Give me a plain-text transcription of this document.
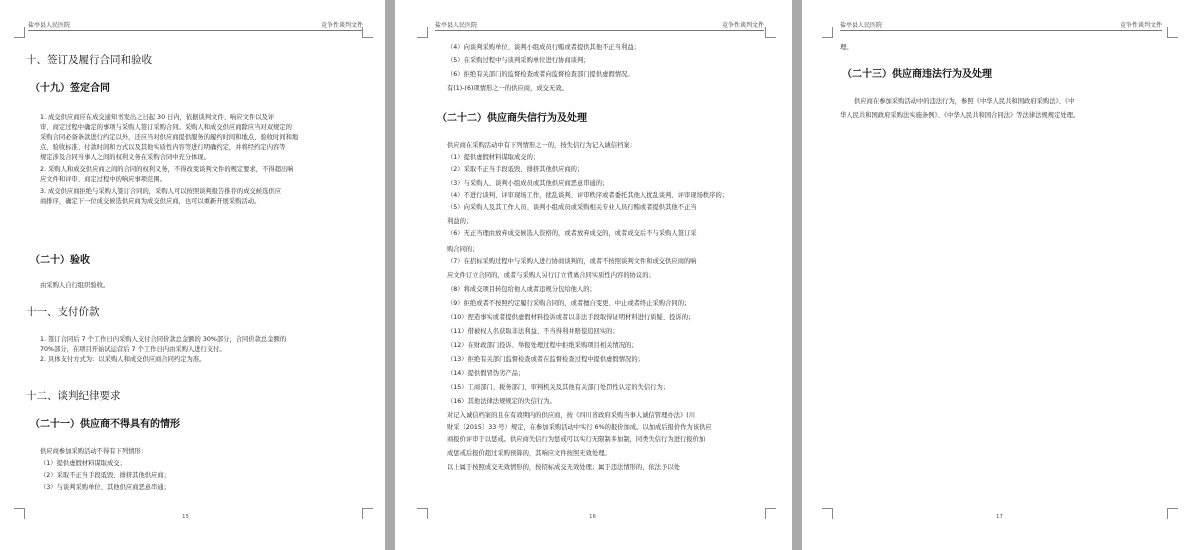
盐亭县人民医院	竞争性谈判文件
十、签订及履行合同和验收
（十九）签定合同
1. 成交供应商应在成交通知书发出之日起 30 日内，依据谈判文件、响应文件以及评
审、商定过程中确定的事项与采购人签订采购合同。采购人和成交供应商除应当对双规定的
采购合同必备条款进行约定以外，还应当对供应商提供服务的履约时间和地点、验收时间和地
点、验收标准、付款时间和方式以及其他实质性内容等进行明确约定，并将经约定内容等
规定涉及合同当事人之间的权利义务在采购合同中充分体现。
2. 采购人和成交供应商之间的合同的权利义务，不得改变谈判文件的规定要求，不得超出响
应文件和评审、商定过程中的响应事项范围。
3. 成交供应商拒绝与采购人签订合同的，采购人可以按照谈判报告推荐的成交候选供应
商排序，确定下一位成交候选供应商为成交供应商，也可以重新开展采购活动。
（二十）验收
由采购人自行组织验收。
十一、支付价款
1. 签订合同后 7 个工作日内采购人支付合同价款总金额的 30%部分，合同价款总金额的
70%部分，在项目开始试运营后 7 个工作日内由采购人进行支付。
2. 具体支付方式为：以采购人和成交供应商合同约定为准。
十二、谈判纪律要求
（二十一）供应商不得具有的情形
供应商参加采购活动不得有下列情形：
（1）提供虚假材料谋取成交；
（2）采取不正当手段诋毁、排挤其他供应商；
（3）与谈判采购单位、其他供应商恶意串通；
15
盐亭县人民医院	竞争性谈判文件
（4）向谈判采购单位、谈判小组成员行贿或者提供其他不正当利益；
（5）在采购过程中与谈判采购单位进行协商谈判；
（6）拒绝有关部门的监督检查或者向监督检查部门提供虚假情况。
有(1)-(6)项情形之一的供应商，成交无效。
（二十二）供应商失信行为及处理
供应商在采购活动中有下列情形之一的，按失信行为记入诚信档案：
（1）提供虚假材料谋取成交的；
（2）采取不正当手段诋毁、排挤其他供应商的；
（3）与采购人、谈判小组成员或其他供应商恶意串通的；
（4）不进行谈判、评审现场工作，扰乱谈判、评审秩序或者委托其他人扰乱谈判、评审现场秩序的；
（5）向采购人及其工作人员、谈判小组成员或采购相关专业人员行贿或者提供其他不正当
利益的；
（6）无正当理由放弃成交候选人资格的，或者放弃成交的，或者成交后不与采购人签订采
购合同的；
（7）在招标采购过程中与采购人进行协商谈判的，或者不按照谈判文件和成交供应商的响
应文件订立合同的，或者与采购人另行订立背离合同实质性内容的协议的；
（8）将成交项目转包给他人或者违规分包给他人的；
（9）拒绝或者不按照约定履行采购合同的，或者擅自变更、中止或者终止采购合同的；
（10）捏造事实或者提供虚假材料投诉或者以非法手段取得证明材料进行质疑、投诉的；
（11）借被权人名获取非法利益、不当得利并赔偿追回实的；
（12）在财政部门投诉、举报处理过程中拒绝采购项目相关情况的；
（13）拒绝有关部门监督检查或者在监督检查过程中提供虚假情况的；
（14）提供假冒伪劣产品；
（15）工商部门、税务部门、审判机关及其他有关部门处罚性认定的失信行为；
（16）其他法律法规规定的失信行为。
对记入诚信档案的且在有效期内的供应商，按《四川省政府采购当事人诚信管理办法》(川
财采〔2015〕33 号）规定，在参加采购活动中实行 6%的报价加成。以加成后报价作为该供应
商报价评审于以惩戒。供应商失信行为惩戒可以实行无限制多加制，同类失信行为进行报价加
成惩戒后报价超过采购预算的，其响应文件按照无效处理。
以上属于按照成交无效情形的，按招标成交无效处理；属于违法情形的，依法予以处
16
盐亭县人民医院	竞争性谈判文件
理。
（二十三）供应商违法行为及处理
供应商在参加采购活动中的违法行为，参照《中华人民共和国政府采购法》、《中
华人民共和国政府采购法实施条例》、《中华人民共和国合同法》等法律法规规定处理。
17
